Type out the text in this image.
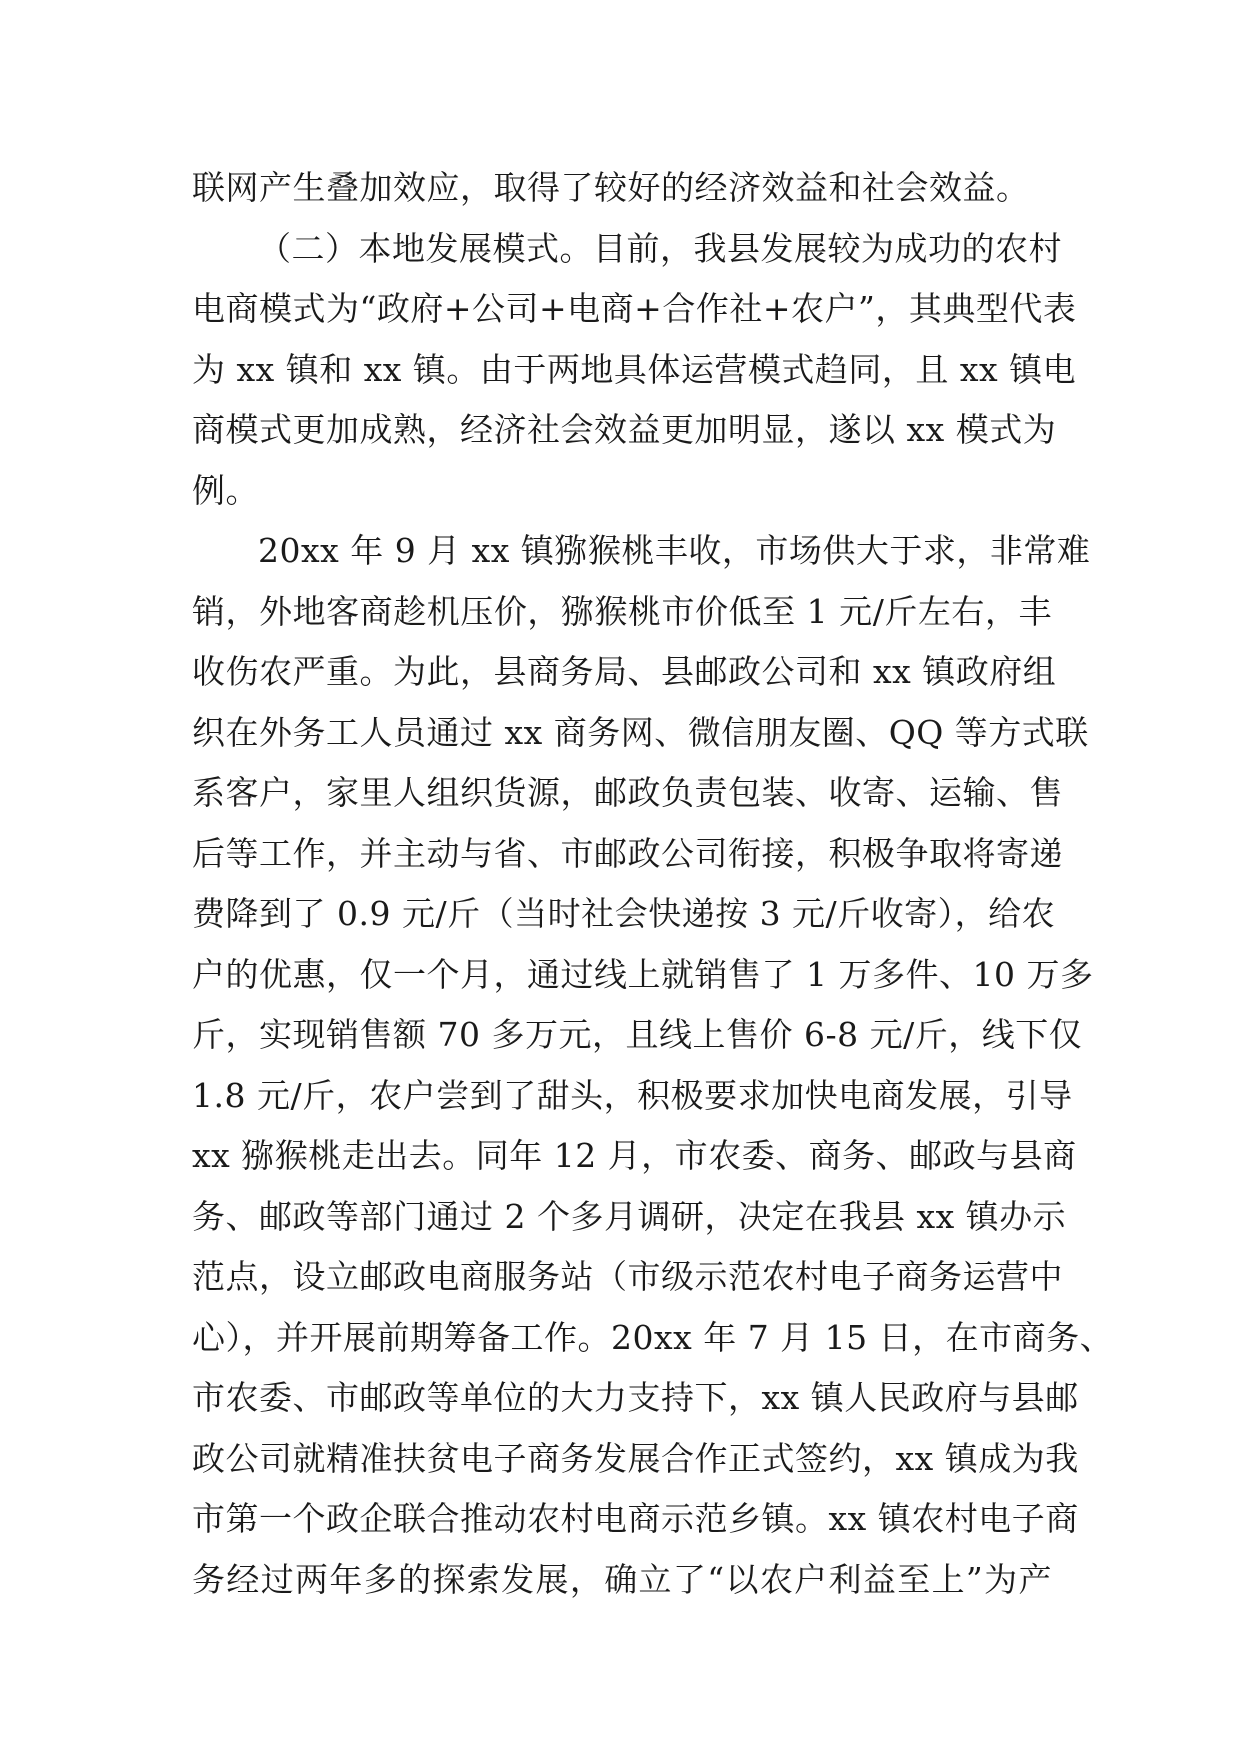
联网产生叠加效应，取得了较好的经济效益和社会效益。
（二）本地发展模式。目前，我县发展较为成功的农村
电商模式为“政府+公司+电商+合作社+农户”，其典型代表
为 xx 镇和 xx 镇。由于两地具体运营模式趋同，且 xx 镇电
商模式更加成熟，经济社会效益更加明显，遂以 xx 模式为
例。
20xx 年 9 月 xx 镇猕猴桃丰收，市场供大于求，非常难
销，外地客商趁机压价，猕猴桃市价低至 1 元/斤左右，丰
收伤农严重。为此，县商务局、县邮政公司和 xx 镇政府组
织在外务工人员通过 xx 商务网、微信朋友圈、QQ 等方式联
系客户，家里人组织货源，邮政负责包装、收寄、运输、售
后等工作，并主动与省、市邮政公司衔接，积极争取将寄递
费降到了 0.9 元/斤（当时社会快递按 3 元/斤收寄），给农
户的优惠，仅一个月，通过线上就销售了 1 万多件、10 万多
斤，实现销售额 70 多万元，且线上售价 6-8 元/斤，线下仅
1.8 元/斤，农户尝到了甜头，积极要求加快电商发展，引导
xx 猕猴桃走出去。同年 12 月，市农委、商务、邮政与县商
务、邮政等部门通过 2 个多月调研，决定在我县 xx 镇办示
范点，设立邮政电商服务站（市级示范农村电子商务运营中
心），并开展前期筹备工作。20xx 年 7 月 15 日，在市商务、
市农委、市邮政等单位的大力支持下，xx 镇人民政府与县邮
政公司就精准扶贫电子商务发展合作正式签约，xx 镇成为我
市第一个政企联合推动农村电商示范乡镇。xx 镇农村电子商
务经过两年多的探索发展，确立了“以农户利益至上”为产
